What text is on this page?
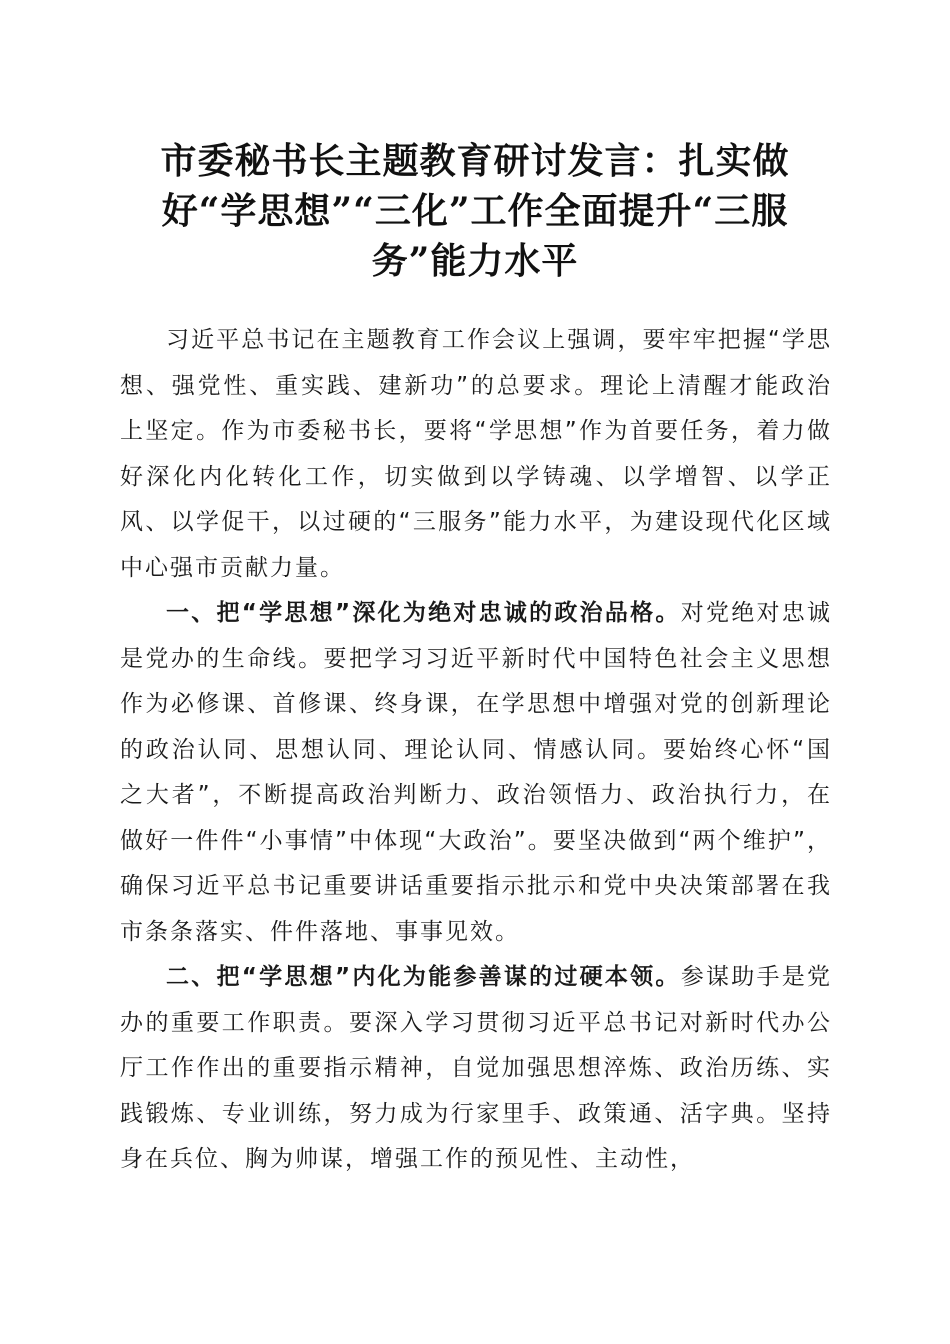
市委秘书长主题教育研讨发言：扎实做好“学思想”“三化”工作全面提升“三服务”能力水平

习近平总书记在主题教育工作会议上强调，要牢牢把握“学思想、强党性、重实践、建新功”的总要求。理论上清醒才能政治上坚定。作为市委秘书长，要将“学思想”作为首要任务，着力做好深化内化转化工作，切实做到以学铸魂、以学增智、以学正风、以学促干，以过硬的“三服务”能力水平，为建设现代化区域中心强市贡献力量。

一、把“学思想”深化为绝对忠诚的政治品格。对党绝对忠诚是党办的生命线。要把学习习近平新时代中国特色社会主义思想作为必修课、首修课、终身课，在学思想中增强对党的创新理论的政治认同、思想认同、理论认同、情感认同。要始终心怀“国之大者”，不断提高政治判断力、政治领悟力、政治执行力，在做好一件件“小事情”中体现“大政治”。要坚决做到“两个维护”，确保习近平总书记重要讲话重要指示批示和党中央决策部署在我市条条落实、件件落地、事事见效。

二、把“学思想”内化为能参善谋的过硬本领。参谋助手是党办的重要工作职责。要深入学习贯彻习近平总书记对新时代办公厅工作作出的重要指示精神，自觉加强思想淬炼、政治历练、实践锻炼、专业训练，努力成为行家里手、政策通、活字典。坚持身在兵位、胸为帅谋，增强工作的预见性、主动性，
